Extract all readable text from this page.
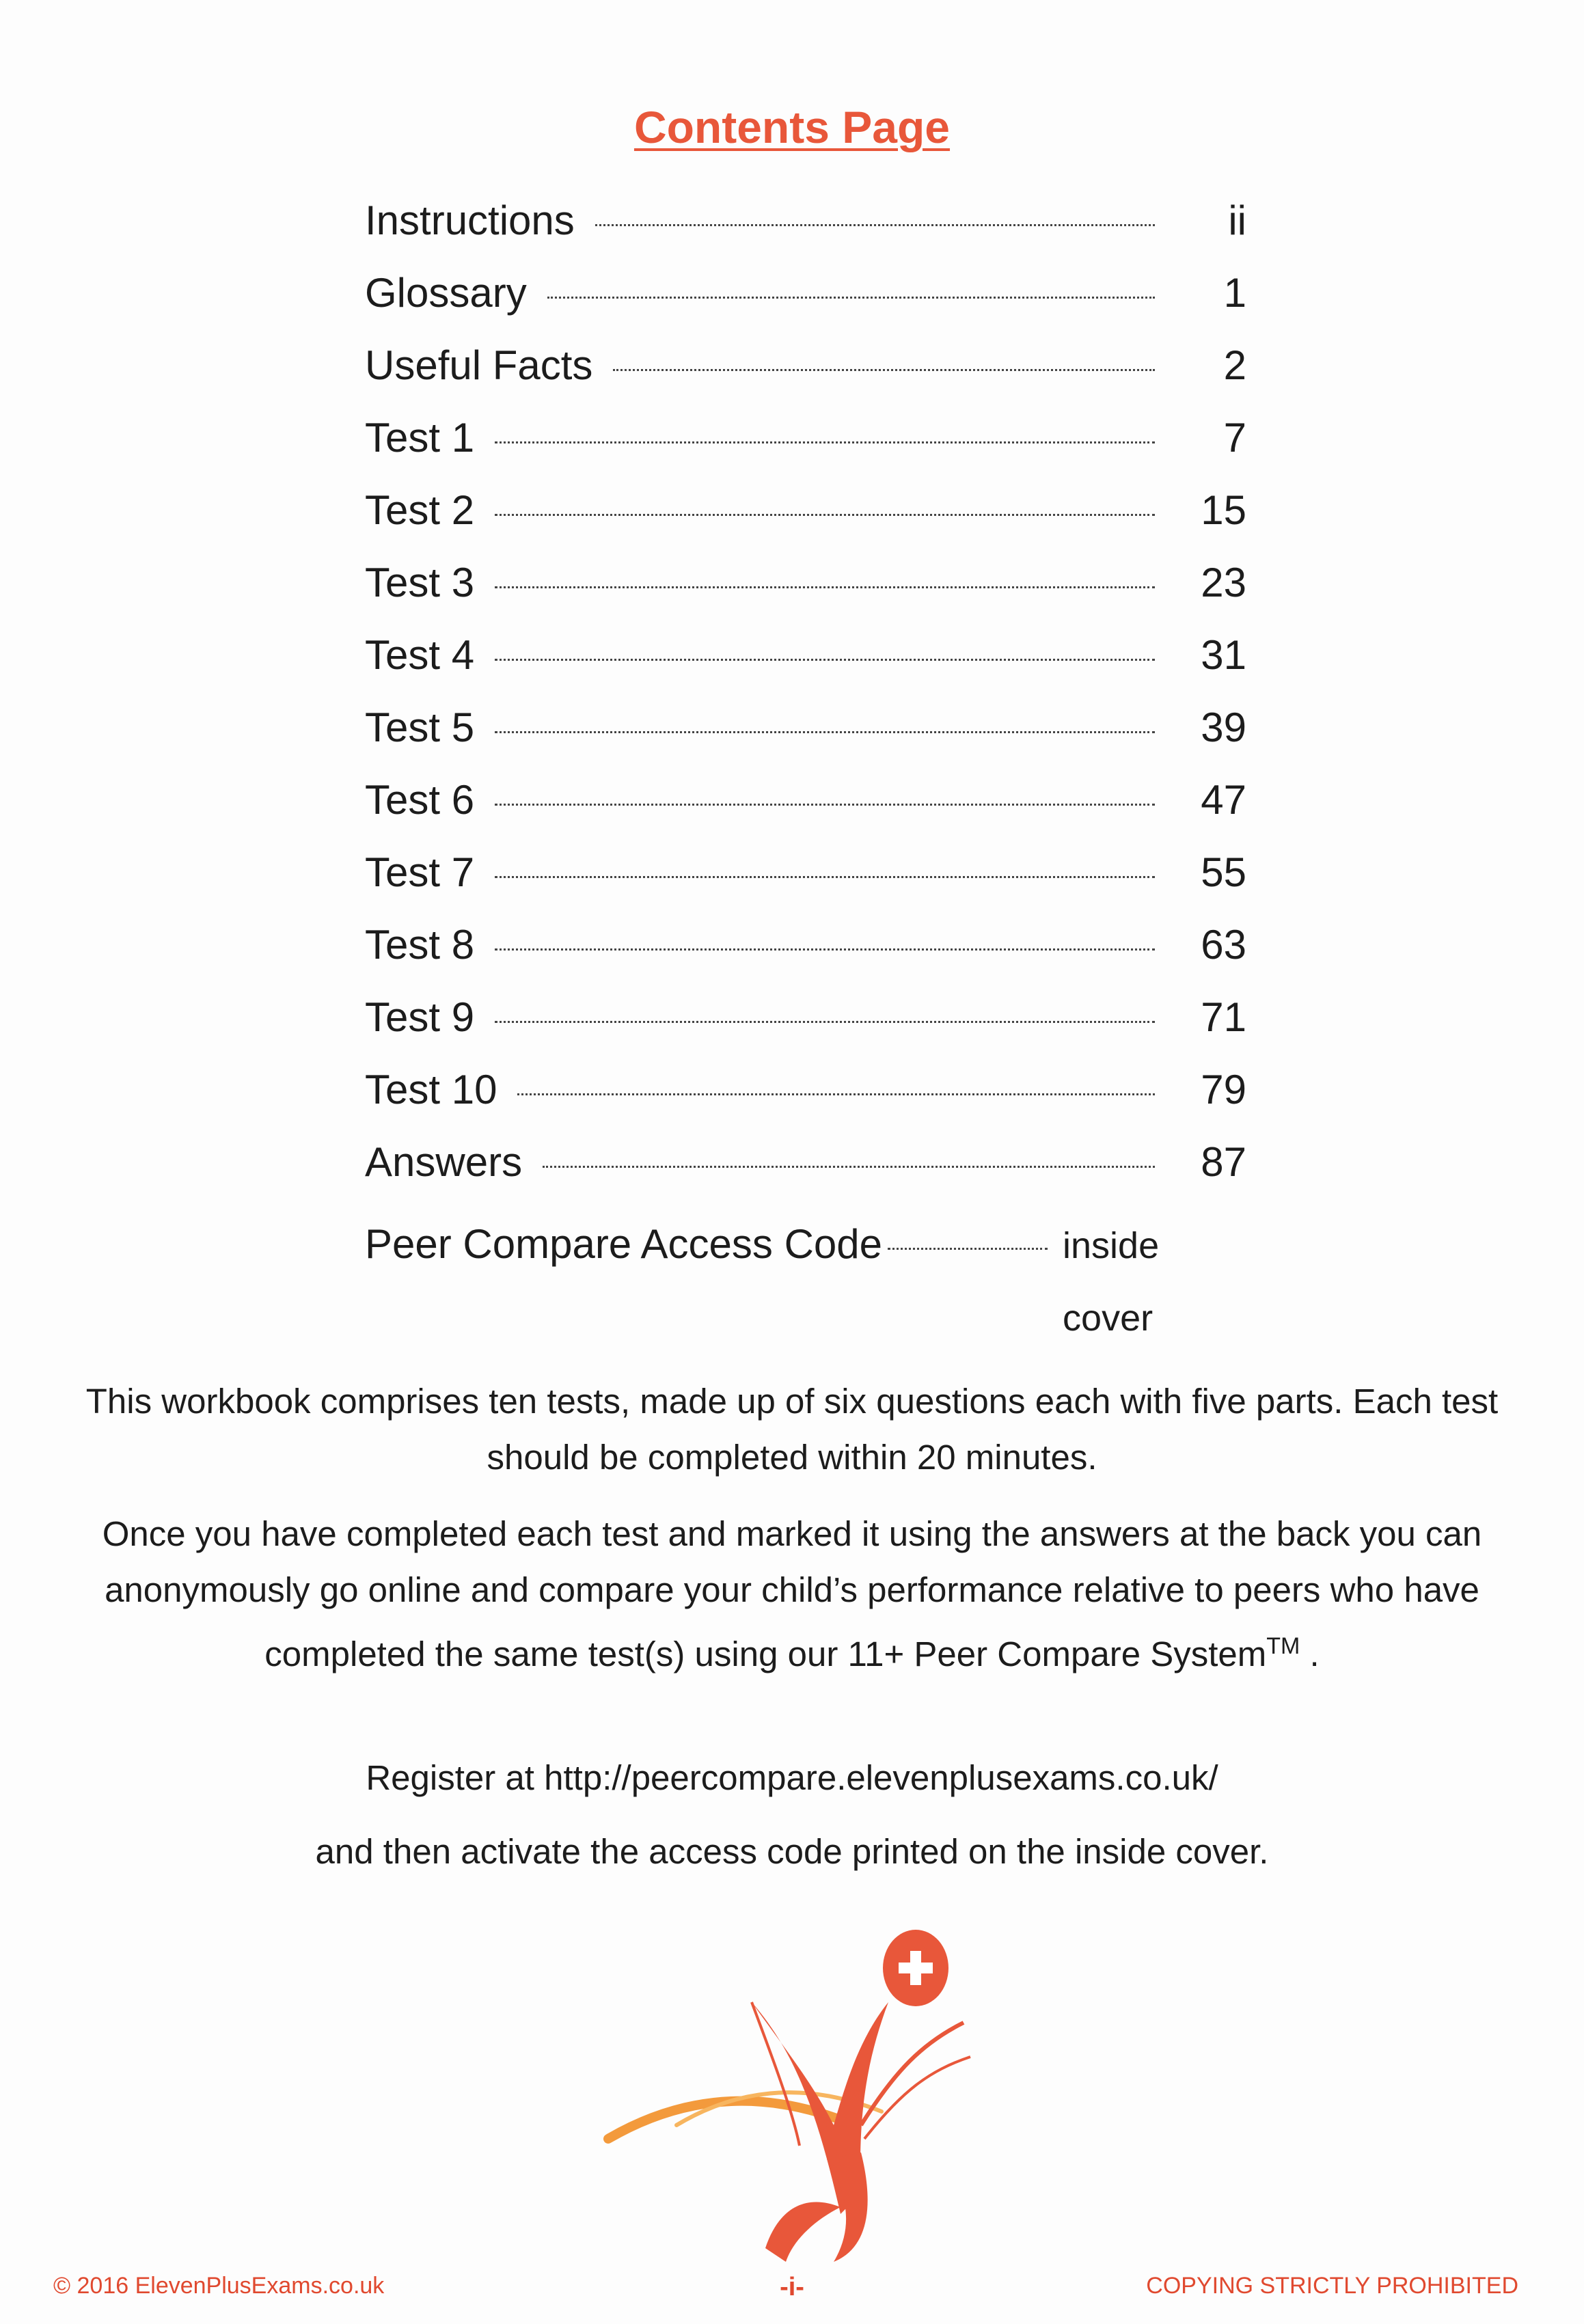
Contents Page
Instructions	ii
Glossary	1
Useful Facts	2
Test 1	7
Test 2	15
Test 3	23
Test 4	31
Test 5	39
Test 6	47
Test 7	55
Test 8	63
Test 9	71
Test 10	79
Answers	87
Peer Compare Access Code	inside cover
This workbook comprises ten tests, made up of six questions each with five parts. Each test should be completed within 20 minutes.
Once you have completed each test and marked it using the answers at the back you can anonymously go online and compare your child’s performance relative to peers who have completed the same test(s) using our 11+ Peer Compare System™ .
Register at http://peercompare.elevenplusexams.co.uk/
and then activate the access code printed on the inside cover.
© 2016 ElevenPlusExams.co.uk	-i-	COPYING STRICTLY PROHIBITED
